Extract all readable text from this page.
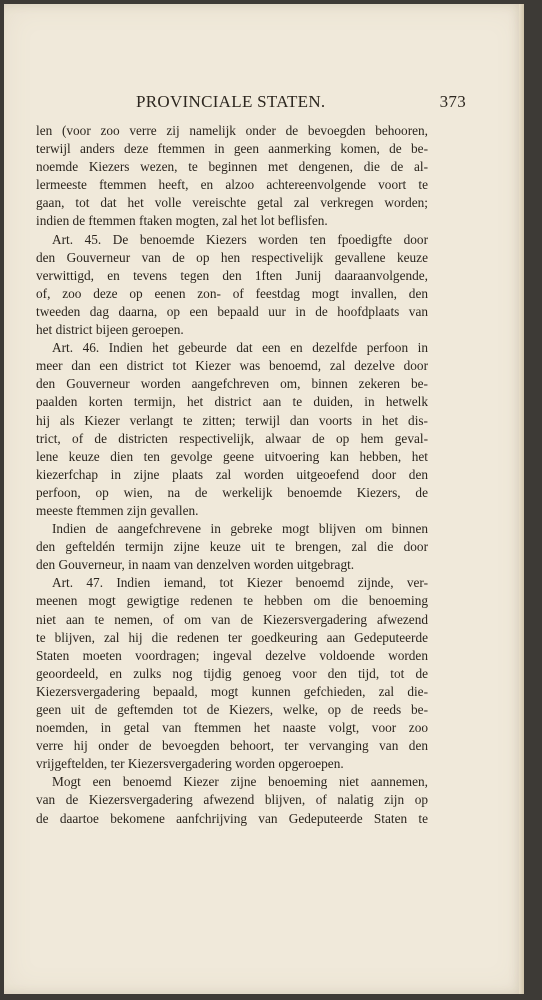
PROVINCIALE STATEN.	373
len (voor zoo verre zij namelijk onder de bevoegden behooren,
terwijl anders deze ftemmen in geen aanmerking komen, de be-
noemde Kiezers wezen, te beginnen met dengenen, die de al-
lermeeste ftemmen heeft, en alzoo achtereenvolgende voort te
gaan, tot dat het volle vereischte getal zal verkregen worden;
indien de ftemmen ftaken mogten, zal het lot beflisfen.
Art. 45. De benoemde Kiezers worden ten fpoedigfte door
den Gouverneur van de op hen respectivelijk gevallene keuze
verwittigd, en tevens tegen den 1ften Junij daaraanvolgende,
of, zoo deze op eenen zon- of feestdag mogt invallen, den
tweeden dag daarna, op een bepaald uur in de hoofdplaats van
het district bijeen geroepen.
Art. 46. Indien het gebeurde dat een en dezelfde perfoon in
meer dan een district tot Kiezer was benoemd, zal dezelve door
den Gouverneur worden aangefchreven om, binnen zekeren be-
paalden korten termijn, het district aan te duiden, in hetwelk
hij als Kiezer verlangt te zitten; terwijl dan voorts in het dis-
trict, of de districten respectivelijk, alwaar de op hem geval-
lene keuze dien ten gevolge geene uitvoering kan hebben, het
kiezerfchap in zijne plaats zal worden uitgeoefend door den
perfoon, op wien, na de werkelijk benoemde Kiezers, de
meeste ftemmen zijn gevallen.
Indien de aangefchrevene in gebreke mogt blijven om binnen
den gefteldén termijn zijne keuze uit te brengen, zal die door
den Gouverneur, in naam van denzelven worden uitgebragt.
Art. 47. Indien iemand, tot Kiezer benoemd zijnde, ver-
meenen mogt gewigtige redenen te hebben om die benoeming
niet aan te nemen, of om van de Kiezersvergadering afwezend
te blijven, zal hij die redenen ter goedkeuring aan Gedeputeerde
Staten moeten voordragen; ingeval dezelve voldoende worden
geoordeeld, en zulks nog tijdig genoeg voor den tijd, tot de
Kiezersvergadering bepaald, mogt kunnen gefchieden, zal die-
geen uit de geftemden tot de Kiezers, welke, op de reeds be-
noemden, in getal van ftemmen het naaste volgt, voor zoo
verre hij onder de bevoegden behoort, ter vervanging van den
vrijgeftelden, ter Kiezersvergadering worden opgeroepen.
Mogt een benoemd Kiezer zijne benoeming niet aannemen,
van de Kiezersvergadering afwezend blijven, of nalatig zijn op
de daartoe bekomene aanfchrijving van Gedeputeerde Staten te
